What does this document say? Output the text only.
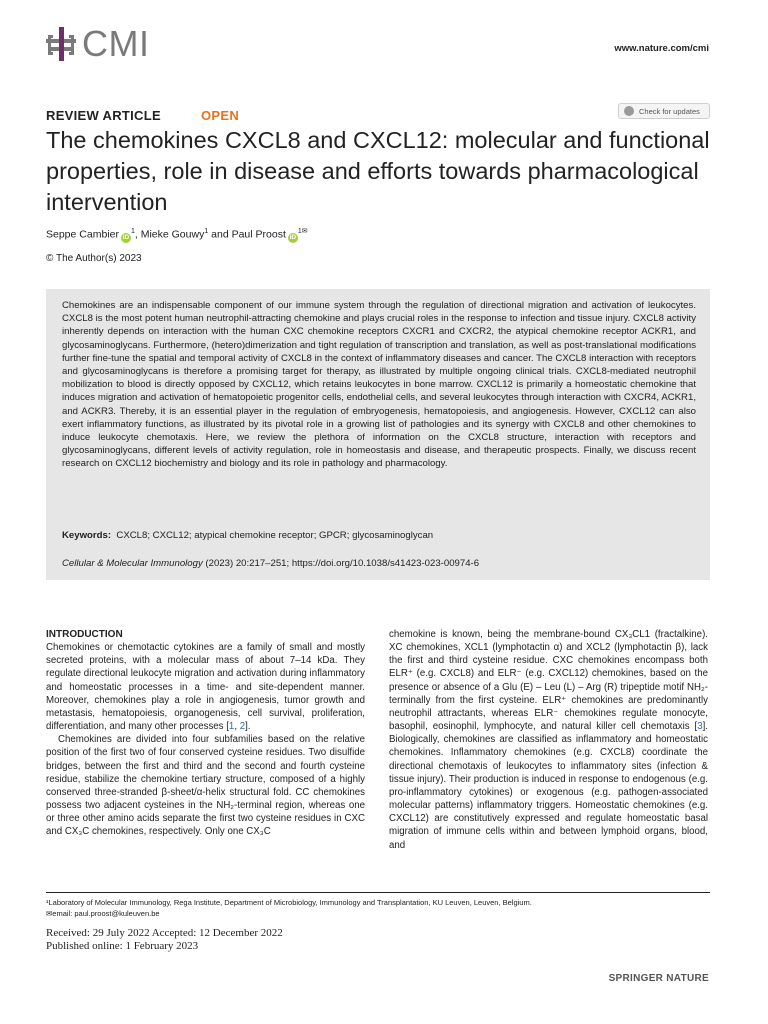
CMI	www.nature.com/cmi
REVIEW ARTICLE	OPEN	Check for updates
The chemokines CXCL8 and CXCL12: molecular and functional properties, role in disease and efforts towards pharmacological intervention
Seppe Cambier $iD^1$, Mieke Gouwy$^1$ and Paul Proost $iD^{1✉}$
© The Author(s) 2023
Chemokines are an indispensable component of our immune system through the regulation of directional migration and activation of leukocytes. CXCL8 is the most potent human neutrophil-attracting chemokine and plays crucial roles in the response to infection and tissue injury. CXCL8 activity inherently depends on interaction with the human CXC chemokine receptors CXCR1 and CXCR2, the atypical chemokine receptor ACKR1, and glycosaminoglycans. Furthermore, (hetero)dimerization and tight regulation of transcription and translation, as well as post-translational modifications further fine-tune the spatial and temporal activity of CXCL8 in the context of inflammatory diseases and cancer. The CXCL8 interaction with receptors and glycosaminoglycans is therefore a promising target for therapy, as illustrated by multiple ongoing clinical trials. CXCL8-mediated neutrophil mobilization to blood is directly opposed by CXCL12, which retains leukocytes in bone marrow. CXCL12 is primarily a homeostatic chemokine that induces migration and activation of hematopoietic progenitor cells, endothelial cells, and several leukocytes through interaction with CXCR4, ACKR1, and ACKR3. Thereby, it is an essential player in the regulation of embryogenesis, hematopoiesis, and angiogenesis. However, CXCL12 can also exert inflammatory functions, as illustrated by its pivotal role in a growing list of pathologies and its synergy with CXCL8 and other chemokines to induce leukocyte chemotaxis. Here, we review the plethora of information on the CXCL8 structure, interaction with receptors and glycosaminoglycans, different levels of activity regulation, role in homeostasis and disease, and therapeutic prospects. Finally, we discuss recent research on CXCL12 biochemistry and biology and its role in pathology and pharmacology.
Keywords: CXCL8; CXCL12; atypical chemokine receptor; GPCR; glycosaminoglycan
Cellular & Molecular Immunology (2023) 20:217–251; https://doi.org/10.1038/s41423-023-00974-6

INTRODUCTION

Chemokines or chemotactic cytokines are a family of small and mostly secreted proteins, with a molecular mass of about 7–14 kDa. They regulate directional leukocyte migration and activation during inflammatory and homeostatic processes in a time- and site-dependent manner. Moreover, chemokines play a role in angiogenesis, tumor growth and metastasis, hematopoiesis, organogenesis, cell survival, proliferation, differentiation, and many other processes [1, 2].

Chemokines are divided into four subfamilies based on the relative position of the first two of four conserved cysteine residues. Two disulfide bridges, between the first and third and the second and fourth cysteine residue, stabilize the chemokine tertiary structure, composed of a highly conserved three-stranded β-sheet/α-helix structural fold. CC chemokines possess two adjacent cysteines in the NH₂-terminal region, whereas one or three other amino acids separate the first two cysteine residues in CXC and CX₃C chemokines, respectively. Only one CX₃C

chemokine is known, being the membrane-bound CX₃CL1 (fractalkine). XC chemokines, XCL1 (lymphotactin α) and XCL2 (lymphotactin β), lack the first and third cysteine residue. CXC chemokines encompass both ELR⁺ (e.g. CXCL8) and ELR⁻ (e.g. CXCL12) chemokines, based on the presence or absence of a Glu (E) – Leu (L) – Arg (R) tripeptide motif NH₂-terminally from the first cysteine. ELR⁺ chemokines are predominantly neutrophil attractants, whereas ELR⁻ chemokines regulate monocyte, basophil, eosinophil, lymphocyte, and natural killer cell chemotaxis [3]. Biologically, chemokines are classified as inflammatory and homeostatic chemokines. Inflammatory chemokines (e.g. CXCL8) coordinate the directional chemotaxis of leukocytes to inflammatory sites (infection & tissue injury). Their production is induced in response to endogenous (e.g. pro-inflammatory cytokines) or exogenous (e.g. pathogen-associated molecular patterns) inflammatory triggers. Homeostatic chemokines (e.g. CXCL12) are constitutively expressed and regulate homeostatic basal migration of immune cells within and between lymphoid organs, blood, and

¹Laboratory of Molecular Immunology, Rega Institute, Department of Microbiology, Immunology and Transplantation, KU Leuven, Leuven, Belgium.
✉email: paul.proost@kuleuven.be
Received: 29 July 2022 Accepted: 12 December 2022
Published online: 1 February 2023
SPRINGER NATURE
